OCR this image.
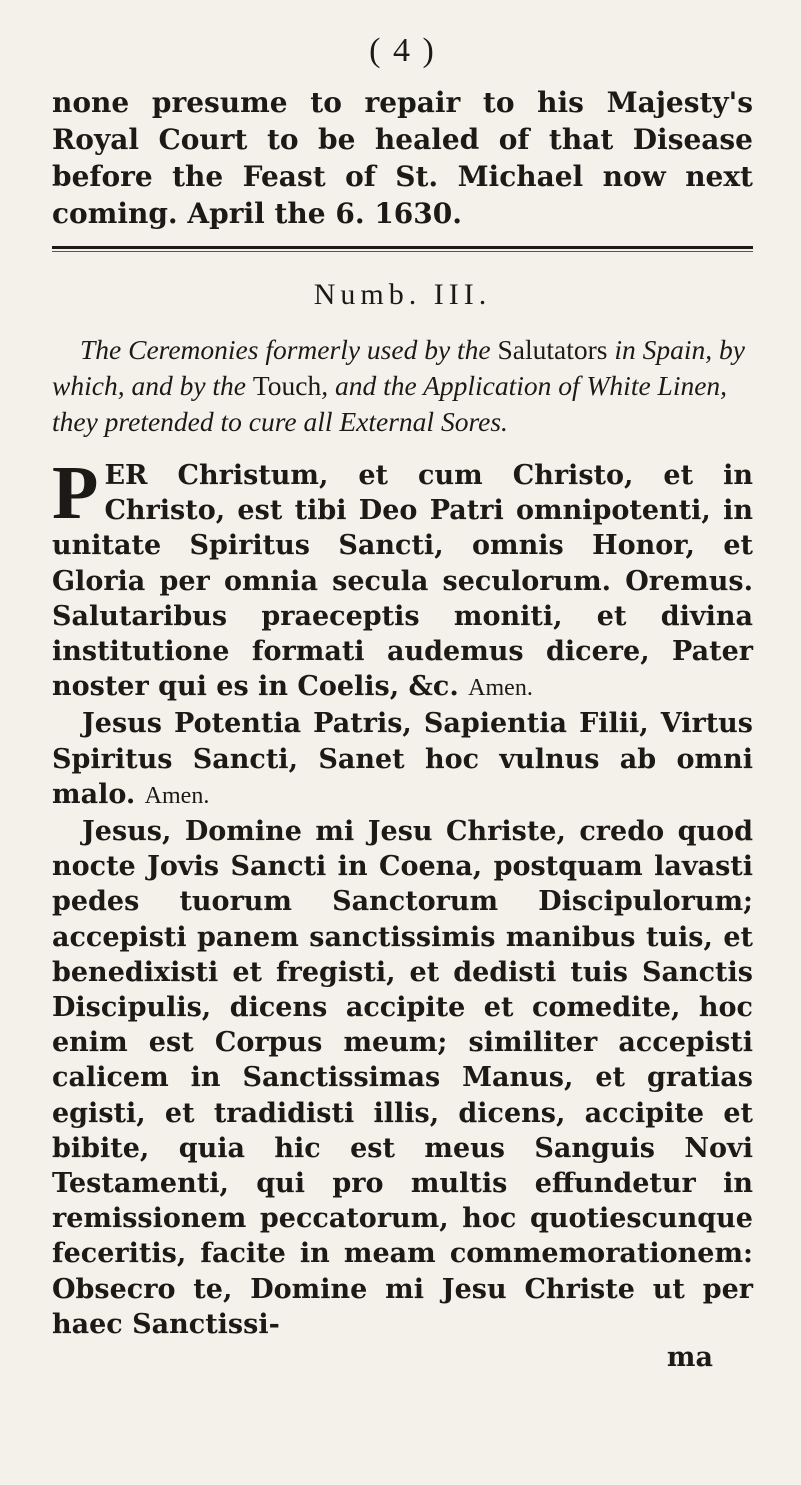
( 4 )

none presume to repair to his Majesty's Royal Court to be healed of that Disease before the Feast of St. Michael now next coming. April the 6. 1630.

Numb. III.

The Ceremonies formerly used by the Salutators in Spain, by which, and by the Touch, and the Application of White Linen, they pretended to cure all External Sores.

PER Christum, et cum Christo, et in Christo, est tibi Deo Patri omnipotenti, in unitate Spiritus Sancti, omnis Honor, et Gloria per omnia secula seculorum. Oremus. Salutaribus praeceptis moniti, et divina institutione formati audemus dicere, Pater noster qui es in Coelis, &c. Amen.

Jesus Potentia Patris, Sapientia Filii, Virtus Spiritus Sancti, Sanet hoc vulnus ab omni malo. Amen.

Jesus, Domine mi Jesu Christe, credo quod nocte Jovis Sancti in Coena, postquam lavasti pedes tuorum Sanctorum Discipulorum; accepisti panem sanctissimis manibus tuis, et benedixisti et fregisti, et dedisti tuis Sanctis Discipulis, dicens accipite et comedite, hoc enim est Corpus meum; similiter accepisti calicem in Sanctissimas Manus, et gratias egisti, et tradidisti illis, dicens, accipite et bibite, quia hic est meus Sanguis Novi Testamenti, qui pro multis effundetur in remissionem peccatorum, hoc quotiescunque feceritis, facite in meam commemorationem: Obsecro te, Domine mi Jesu Christe ut per haec Sanctissi-

ma
